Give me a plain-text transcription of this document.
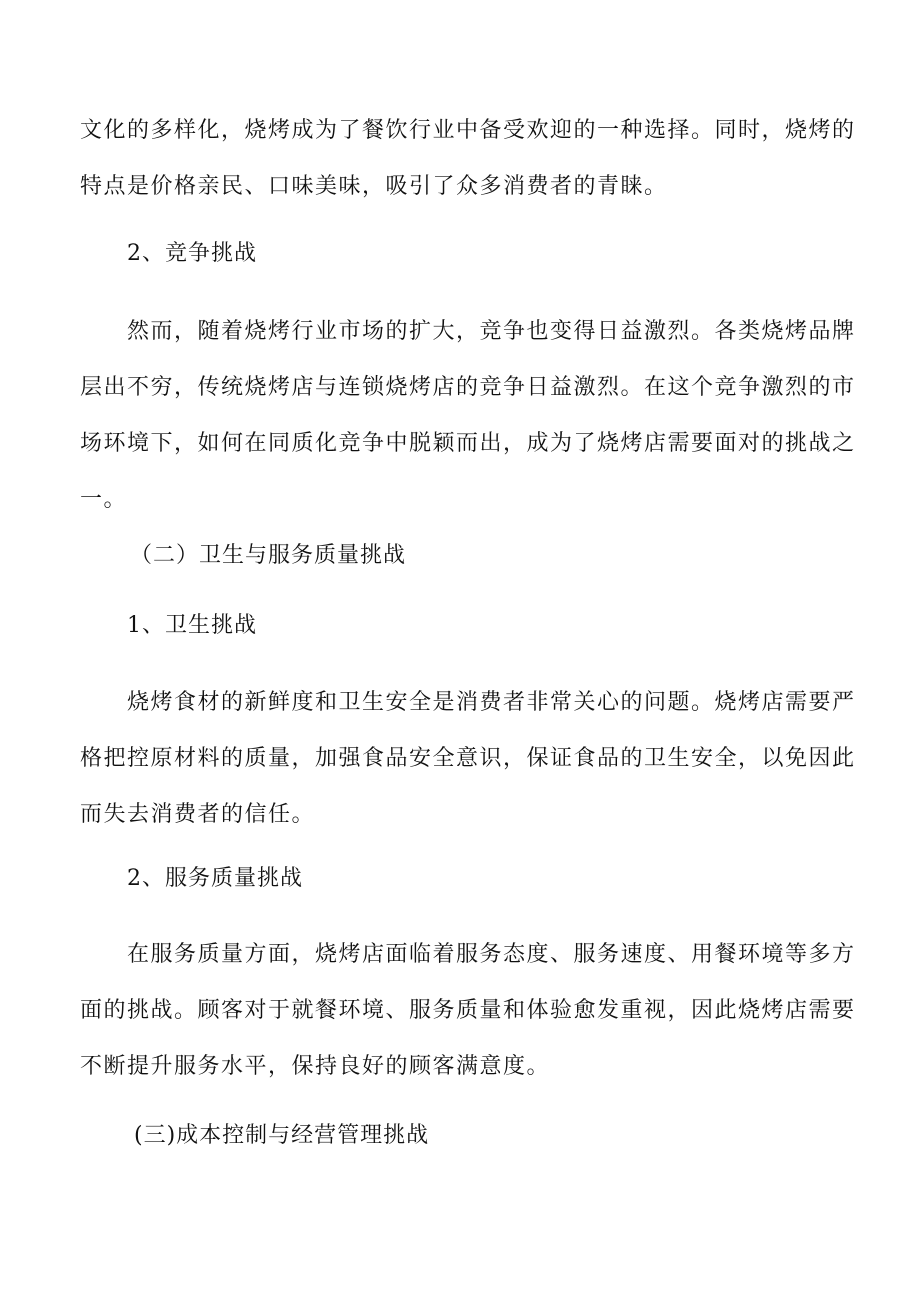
文化的多样化，烧烤成为了餐饮行业中备受欢迎的一种选择。同时，烧烤的
特点是价格亲民、口味美味，吸引了众多消费者的青睐。
2、竞争挑战
然而，随着烧烤行业市场的扩大，竞争也变得日益激烈。各类烧烤品牌
层出不穷，传统烧烤店与连锁烧烤店的竞争日益激烈。在这个竞争激烈的市
场环境下，如何在同质化竞争中脱颖而出，成为了烧烤店需要面对的挑战之
一。
（二）卫生与服务质量挑战
1、卫生挑战
烧烤食材的新鲜度和卫生安全是消费者非常关心的问题。烧烤店需要严
格把控原材料的质量，加强食品安全意识，保证食品的卫生安全，以免因此
而失去消费者的信任。
2、服务质量挑战
在服务质量方面，烧烤店面临着服务态度、服务速度、用餐环境等多方
面的挑战。顾客对于就餐环境、服务质量和体验愈发重视，因此烧烤店需要
不断提升服务水平，保持良好的顾客满意度。
(三)成本控制与经营管理挑战
